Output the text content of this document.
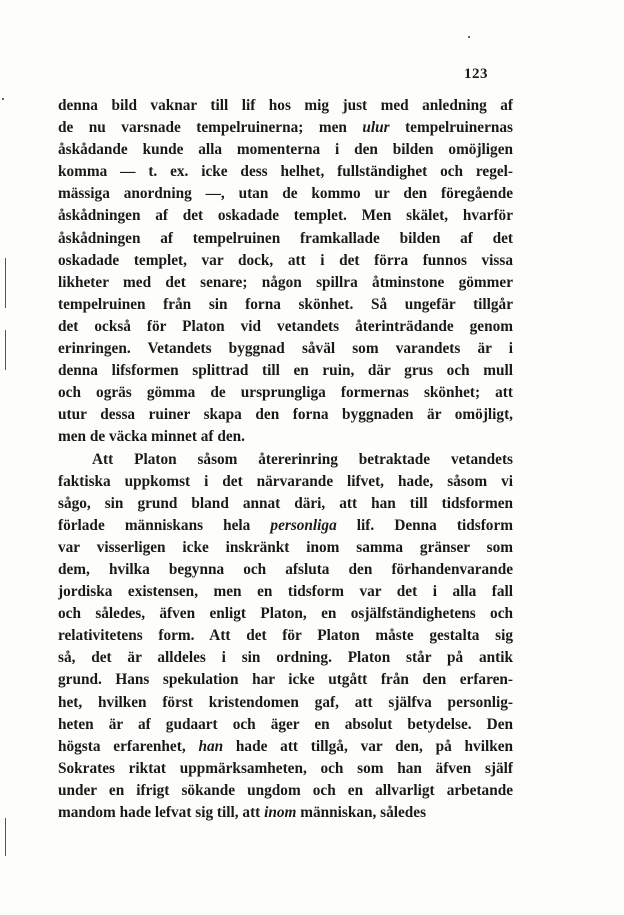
123
denna bild vaknar till lif hos mig just med anledning af
de nu varsnade tempelruinerna; men ulur tempelruinernas
åskådande kunde alla momenterna i den bilden omöjligen
komma — t. ex. icke dess helhet, fullständighet och regel-
mässiga anordning —, utan de kommo ur den föregående
åskådningen af det oskadade templet. Men skälet, hvarför
åskådningen af tempelruinen framkallade bilden af det
oskadade templet, var dock, att i det förra funnos vissa
likheter med det senare; någon spillra åtminstone gömmer
tempelruinen från sin forna skönhet. Så ungefär tillgår
det också för Platon vid vetandets återinträdande genom
erinringen. Vetandets byggnad såväl som varandets är i
denna lifsformen splittrad till en ruin, där grus och mull
och ogräs gömma de ursprungliga formernas skönhet; att
utur dessa ruiner skapa den forna byggnaden är omöjligt,
men de väcka minnet af den.
Att Platon såsom återerinring betraktade vetandets
faktiska uppkomst i det närvarande lifvet, hade, såsom vi
sågo, sin grund bland annat däri, att han till tidsformen
förlade människans hela personliga lif. Denna tidsform
var visserligen icke inskränkt inom samma gränser som
dem, hvilka begynna och afsluta den förhandenvarande
jordiska existensen, men en tidsform var det i alla fall
och således, äfven enligt Platon, en osjälfständighetens och
relativitetens form. Att det för Platon måste gestalta sig
så, det är alldeles i sin ordning. Platon står på antik
grund. Hans spekulation har icke utgått från den erfaren-
het, hvilken först kristendomen gaf, att själfva personlig-
heten är af gudaart och äger en absolut betydelse. Den
högsta erfarenhet, han hade att tillgå, var den, på hvilken
Sokrates riktat uppmärksamheten, och som han äfven själf
under en ifrigt sökande ungdom och en allvarligt arbetande
mandom hade lefvat sig till, att inom människan, således
